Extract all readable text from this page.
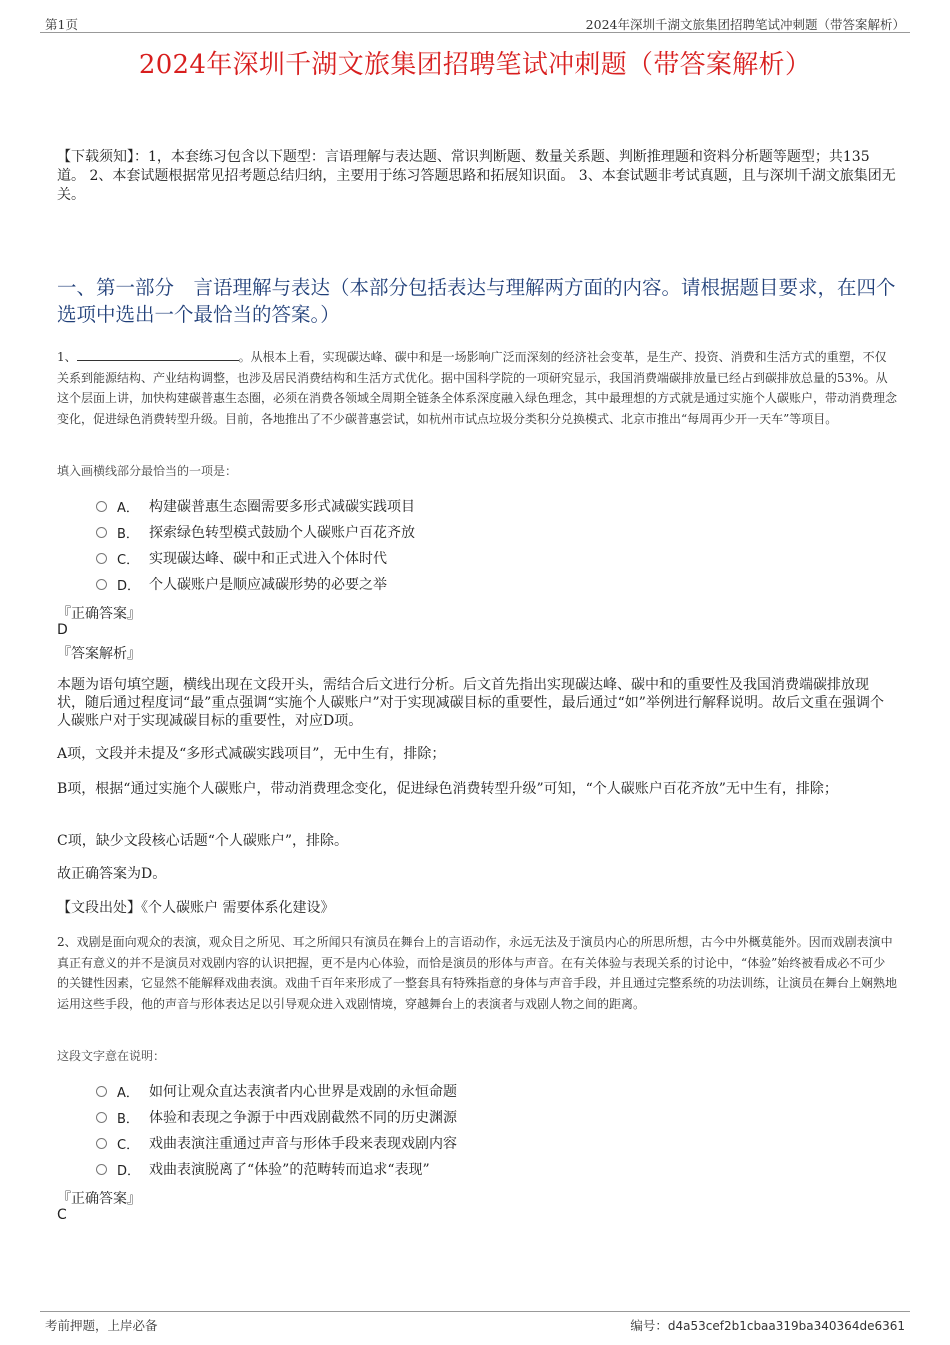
第1页	2024年深圳千湖文旅集团招聘笔试冲刺题（带答案解析）
2024年深圳千湖文旅集团招聘笔试冲刺题（带答案解析）
【下载须知】：1，本套练习包含以下题型：言语理解与表达题、常识判断题、数量关系题、判断推理题和资料分析题等题型；共135道。 2、本套试题根据常见招考题总结归纳，主要用于练习答题思路和拓展知识面。 3、本套试题非考试真题，且与深圳千湖文旅集团无关。
一、第一部分　言语理解与表达（本部分包括表达与理解两方面的内容。请根据题目要求，在四个选项中选出一个最恰当的答案。）
1、	。从根本上看，实现碳达峰、碳中和是一场影响广泛而深刻的经济社会变革，是生产、投资、消费和生活方式的重塑，不仅关系到能源结构、产业结构调整，也涉及居民消费结构和生活方式优化。据中国科学院的一项研究显示，我国消费端碳排放量已经占到碳排放总量的53%。从这个层面上讲，加快构建碳普惠生态圈，必须在消费各领域全周期全链条全体系深度融入绿色理念，其中最理想的方式就是通过实施个人碳账户，带动消费理念变化，促进绿色消费转型升级。目前，各地推出了不少碳普惠尝试，如杭州市试点垃圾分类积分兑换模式、北京市推出“每周再少开一天车”等项目。
填入画横线部分最恰当的一项是：
A． 构建碳普惠生态圈需要多形式减碳实践项目
B． 探索绿色转型模式鼓励个人碳账户百花齐放
C． 实现碳达峰、碳中和正式进入个体时代
D． 个人碳账户是顺应减碳形势的必要之举
『正确答案』
D
『答案解析』
本题为语句填空题，横线出现在文段开头，需结合后文进行分析。后文首先指出实现碳达峰、碳中和的重要性及我国消费端碳排放现状，随后通过程度词“最”重点强调“实施个人碳账户”对于实现减碳目标的重要性，最后通过“如”举例进行解释说明。故后文重在强调个人碳账户对于实现减碳目标的重要性，对应D项。
A项，文段并未提及“多形式减碳实践项目”，无中生有，排除；
B项，根据“通过实施个人碳账户，带动消费理念变化，促进绿色消费转型升级”可知，“个人碳账户百花齐放”无中生有，排除；
C项，缺少文段核心话题“个人碳账户”，排除。
故正确答案为D。
【文段出处】《个人碳账户 需要体系化建设》
2、戏剧是面向观众的表演，观众目之所见、耳之所闻只有演员在舞台上的言语动作，永远无法及于演员内心的所思所想，古今中外概莫能外。因而戏剧表演中真正有意义的并不是演员对戏剧内容的认识把握，更不是内心体验，而恰是演员的形体与声音。在有关体验与表现关系的讨论中，“体验”始终被看成必不可少的关键性因素，它显然不能解释戏曲表演。戏曲千百年来形成了一整套具有特殊指意的身体与声音手段，并且通过完整系统的功法训练，让演员在舞台上娴熟地运用这些手段，他的声音与形体表达足以引导观众进入戏剧情境，穿越舞台上的表演者与戏剧人物之间的距离。
这段文字意在说明：
A． 如何让观众直达表演者内心世界是戏剧的永恒命题
B． 体验和表现之争源于中西戏剧截然不同的历史渊源
C． 戏曲表演注重通过声音与形体手段来表现戏剧内容
D． 戏曲表演脱离了“体验”的范畴转而追求“表现”
『正确答案』
C
考前押题，上岸必备	编号：d4a53cef2b1cbaa319ba340364de6361
